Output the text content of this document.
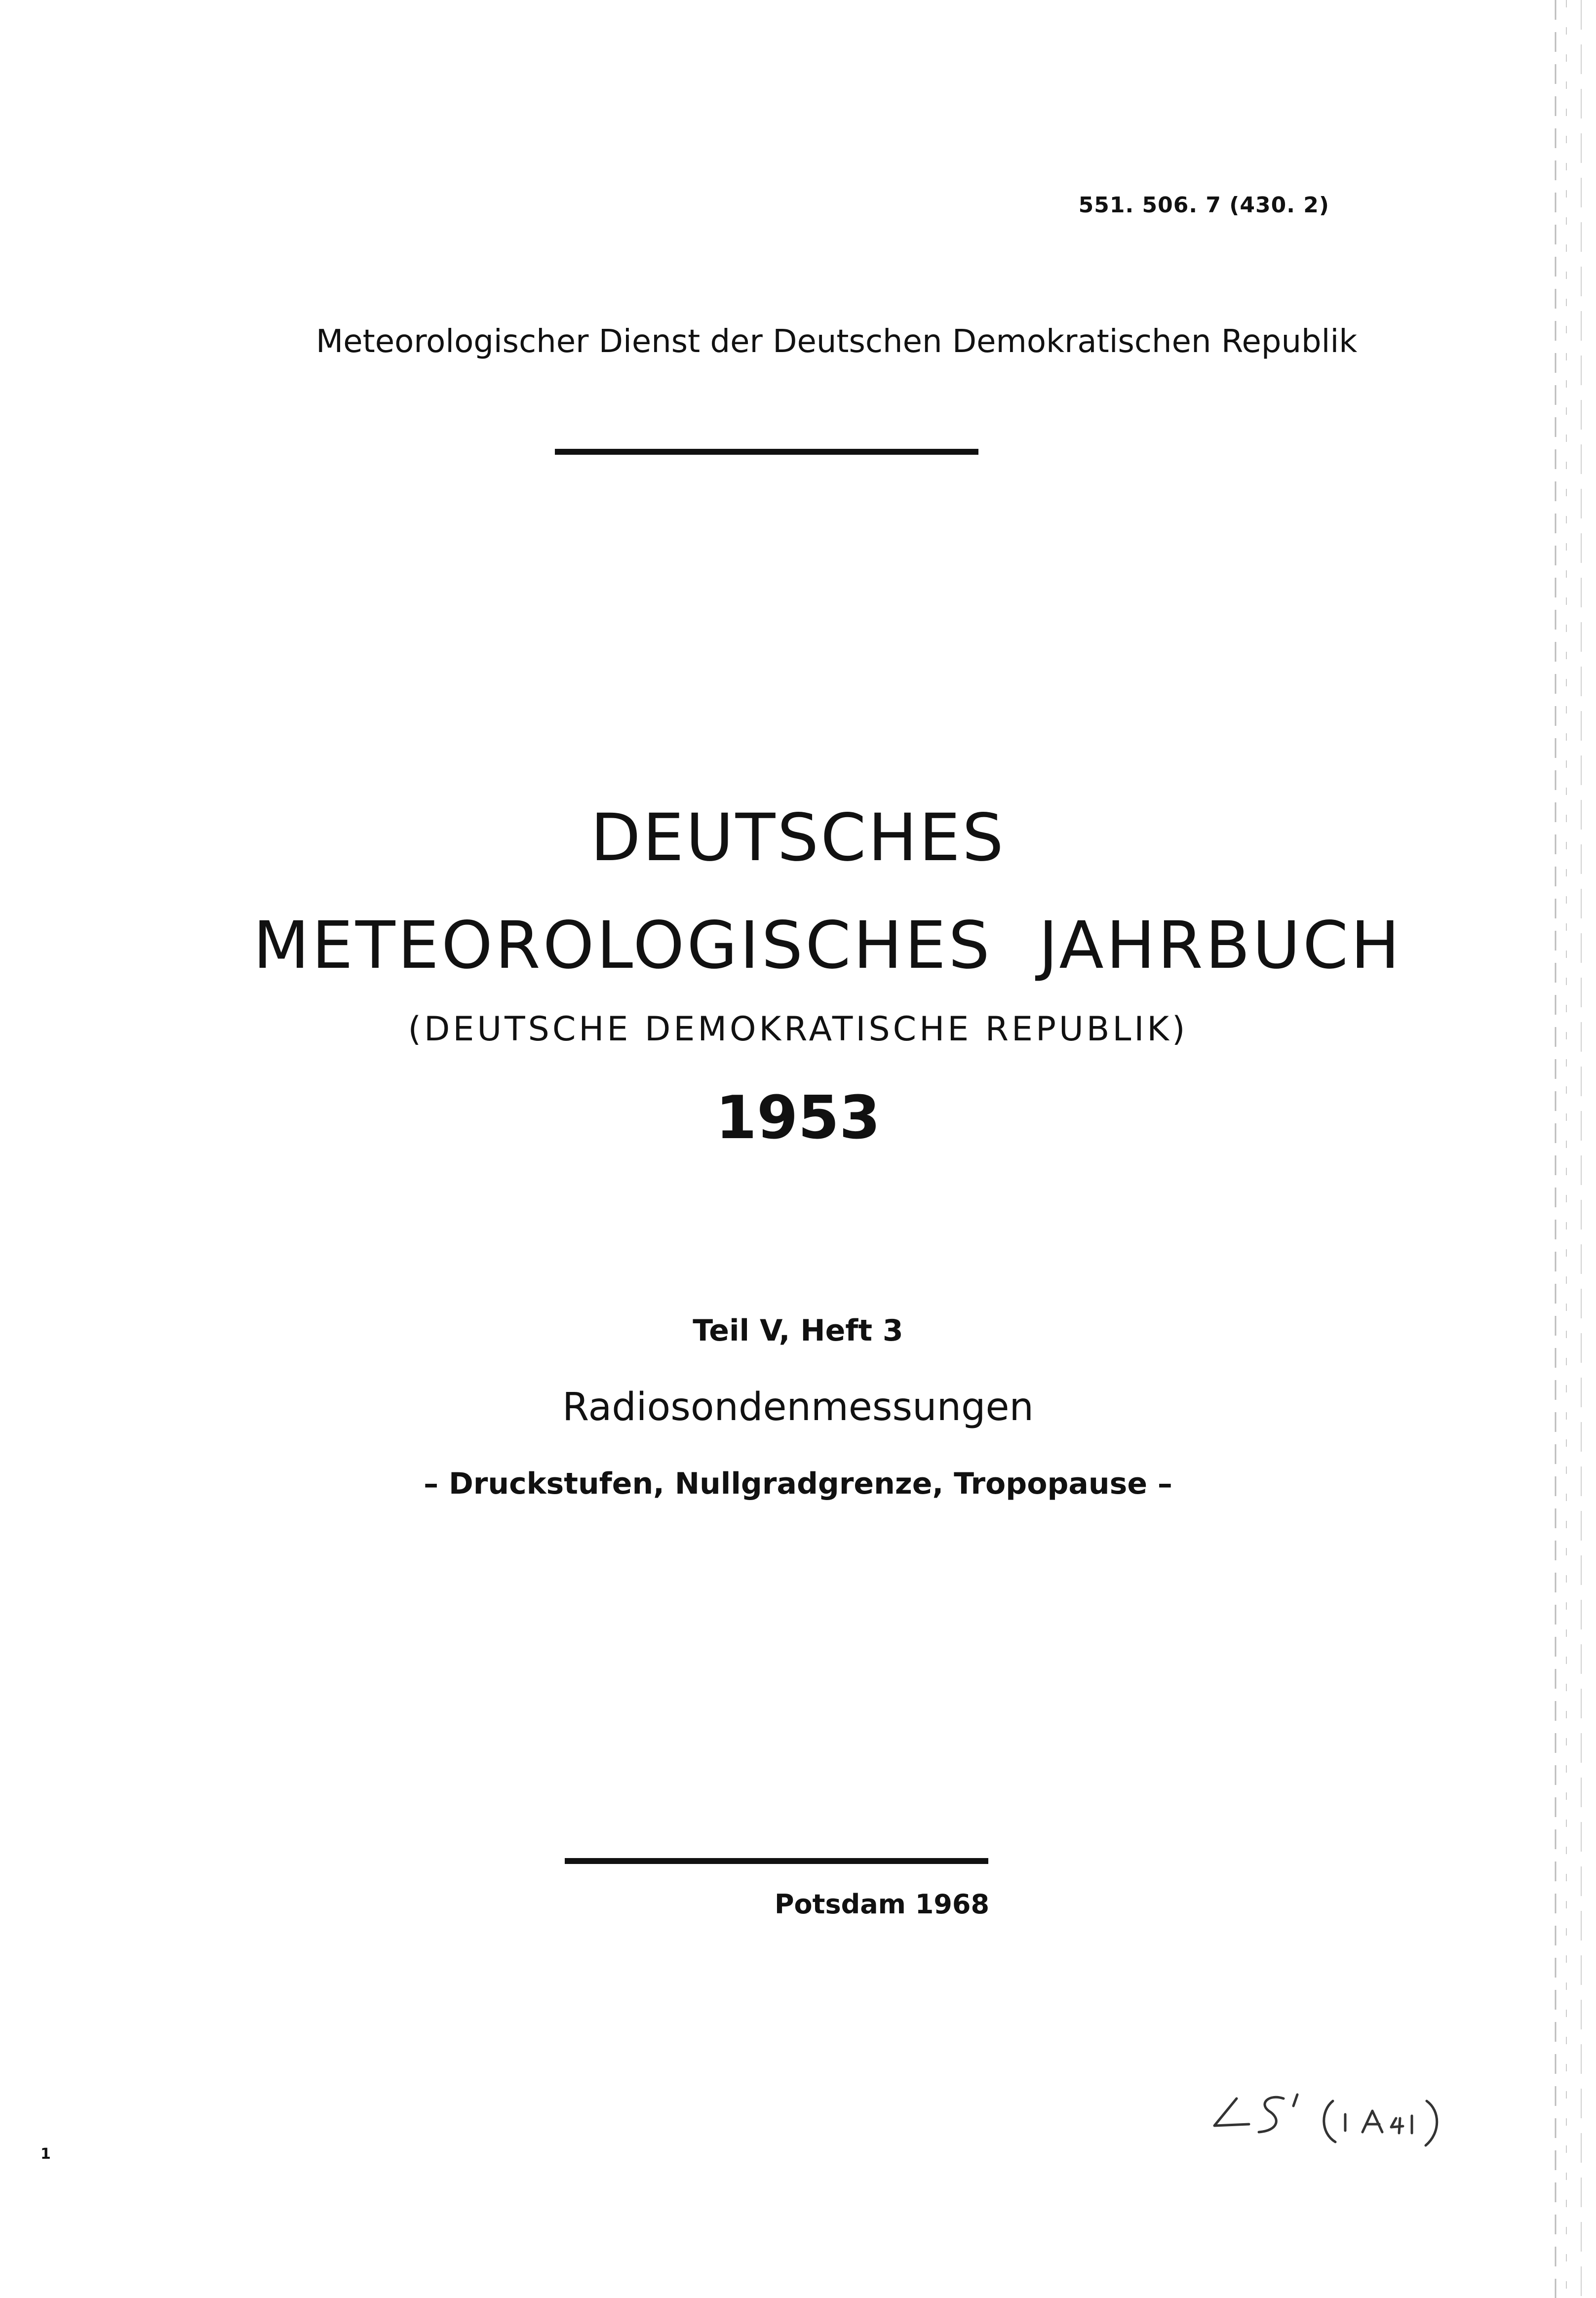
551. 506. 7 (430. 2)
Meteorologischer Dienst der Deutschen Demokratischen Republik
DEUTSCHES
METEOROLOGISCHES  JAHRBUCH
(DEUTSCHE DEMOKRATISCHE REPUBLIK)
1953
Teil V, Heft 3
Radiosondenmessungen
– Druckstufen, Nullgradgrenze, Tropopause –
Potsdam 1968
1
